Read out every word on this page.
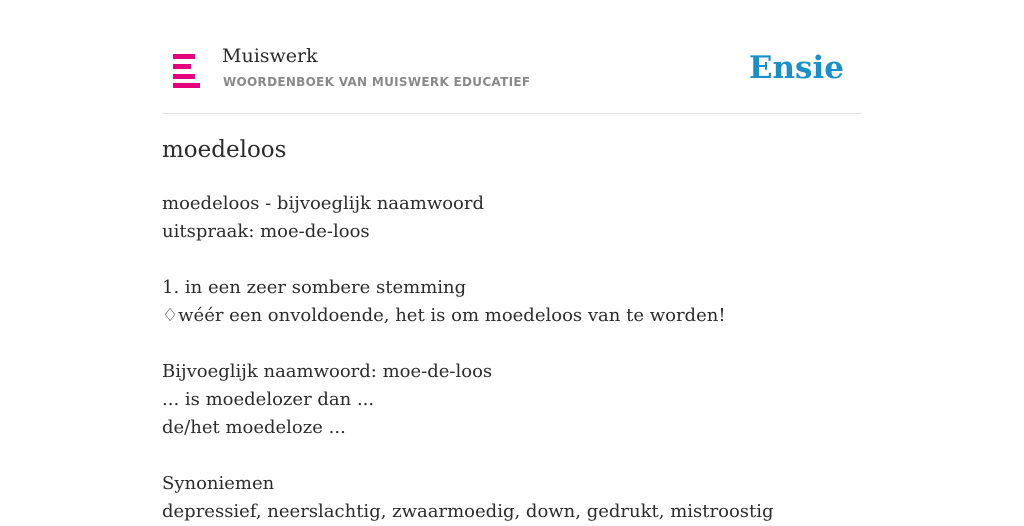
Muiswerk
WOORDENBOEK VAN MUISWERK EDUCATIEF	Ensie
moedeloos
moedeloos - bijvoeglijk naamwoord
uitspraak: moe-de-loos
1. in een zeer sombere stemming
♢wéér een onvoldoende, het is om moedeloos van te worden!
Bijvoeglijk naamwoord: moe-de-loos
... is moedelozer dan ...
de/het moedeloze ...
Synoniemen
depressief, neerslachtig, zwaarmoedig, down, gedrukt, mistroostig
